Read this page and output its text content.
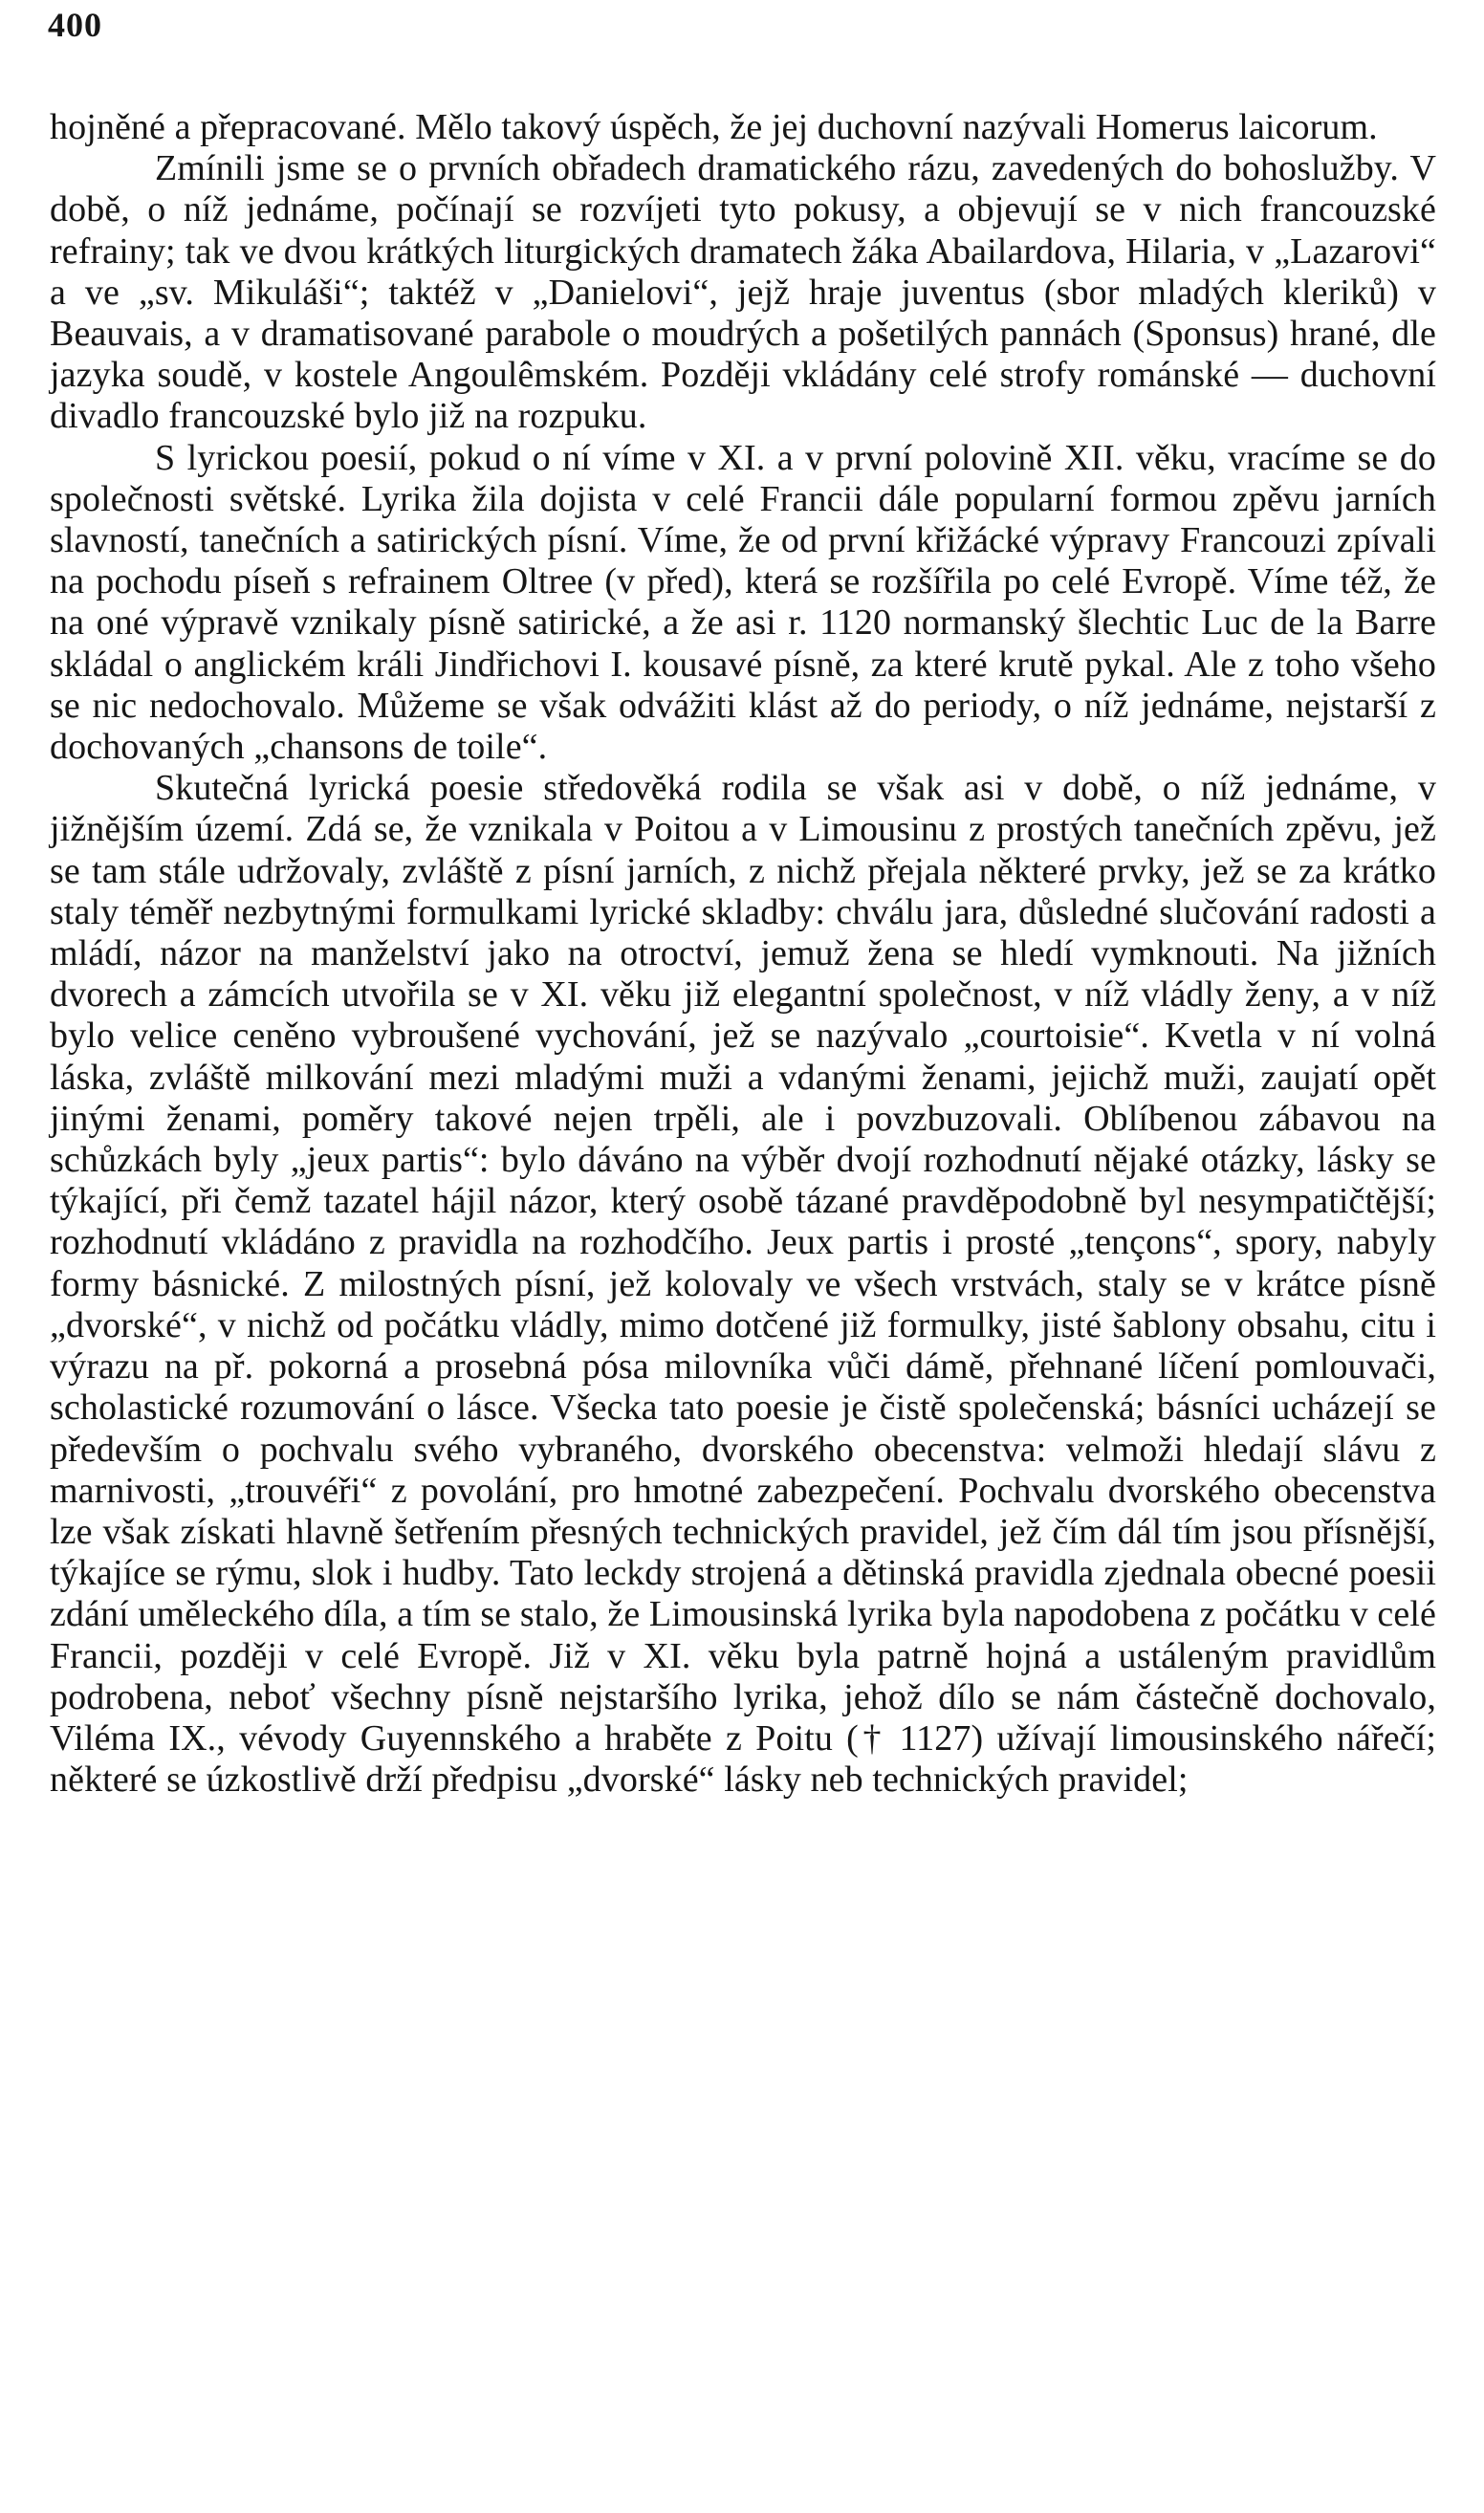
400

hojněné a přepracované. Mělo takový úspěch, že jej duchovní nazývali Homerus laicorum.

Zmínili jsme se o prvních obřadech dramatického rázu, zavedených do bohoslužby. V době, o níž jednáme, počínají se rozvíjeti tyto pokusy, a objevují se v nich francouzské refrainy; tak ve dvou krátkých liturgických dramatech žáka Abailardova, Hilaria, v „Lazarovi“ a ve „sv. Mikuláši“; taktéž v „Danielovi“, jejž hraje juventus (sbor mladých kleriků) v Beauvais, a v dramatisované parabole o moudrých a pošetilých pannách (Sponsus) hrané, dle jazyka soudě, v kostele Angoulêmském. Později vkládány celé strofy románské — duchovní divadlo francouzské bylo již na rozpuku.

S lyrickou poesií, pokud o ní víme v XI. a v první polovině XII. věku, vracíme se do společnosti světské. Lyrika žila dojista v celé Francii dále popularní formou zpěvu jarních slavností, tanečních a satirických písní. Víme, že od první křižácké výpravy Francouzi zpívali na pochodu píseň s refrainem Oltree (v před), která se rozšířila po celé Evropě. Víme též, že na oné výpravě vznikaly písně satirické, a že asi r. 1120 normanský šlechtic Luc de la Barre skládal o anglickém králi Jindřichovi I. kousavé písně, za které krutě pykal. Ale z toho všeho se nic nedochovalo. Můžeme se však odvážiti klást až do periody, o níž jednáme, nejstarší z dochovaných „chansons de toile“.

Skutečná lyrická poesie středověká rodila se však asi v době, o níž jednáme, v jižnějším území. Zdá se, že vznikala v Poitou a v Limousinu z prostých tanečních zpěvu, jež se tam stále udržovaly, zvláště z písní jarních, z nichž přejala některé prvky, jež se za krátko staly téměř nezbytnými formulkami lyrické skladby: chválu jara, důsledné slučování radosti a mládí, názor na manželství jako na otroctví, jemuž žena se hledí vymknouti. Na jižních dvorech a zámcích utvořila se v XI. věku již elegantní společnost, v níž vládly ženy, a v níž bylo velice ceněno vybroušené vychování, jež se nazývalo „courtoisie“. Kvetla v ní volná láska, zvláště milkování mezi mladými muži a vdanými ženami, jejichž muži, zaujatí opět jinými ženami, poměry takové nejen trpěli, ale i povzbuzovali. Oblíbenou zábavou na schůzkách byly „jeux partis“: bylo dáváno na výběr dvojí rozhodnutí nějaké otázky, lásky se týkající, při čemž tazatel hájil názor, který osobě tázané pravděpodobně byl nesympatičtější; rozhodnutí vkládáno z pravidla na rozhodčího. Jeux partis i prosté „tençons“, spory, nabyly formy básnické. Z milostných písní, jež kolovaly ve všech vrstvách, staly se v krátce písně „dvorské“, v nichž od počátku vládly, mimo dotčené již formulky, jisté šablony obsahu, citu i výrazu na př. pokorná a prosebná pósa milovníka vůči dámě, přehnané líčení pomlouvači, scholastické rozumování o lásce. Všecka tato poesie je čistě společenská; básníci ucházejí se především o pochvalu svého vybraného, dvorského obecenstva: velmoži hledají slávu z marnivosti, „trouvéři“ z povolání, pro hmotné zabezpečení. Pochvalu dvorského obecenstva lze však získati hlavně šetřením přesných technických pravidel, jež čím dál tím jsou přísnější, týkajíce se rýmu, slok i hudby. Tato leckdy strojená a dětinská pravidla zjednala obecné poesii zdání uměleckého díla, a tím se stalo, že Limousinská lyrika byla napodobena z počátku v celé Francii, později v celé Evropě. Již v XI. věku byla patrně hojná a ustáleným pravidlům podrobena, neboť všechny písně nejstaršího lyrika, jehož dílo se nám částečně dochovalo, Viléma IX., vévody Guyennského a hraběte z Poitu († 1127) užívají limousinského nářečí; některé se úzkostlivě drží předpisu „dvorské“ lásky neb technických pravidel;
